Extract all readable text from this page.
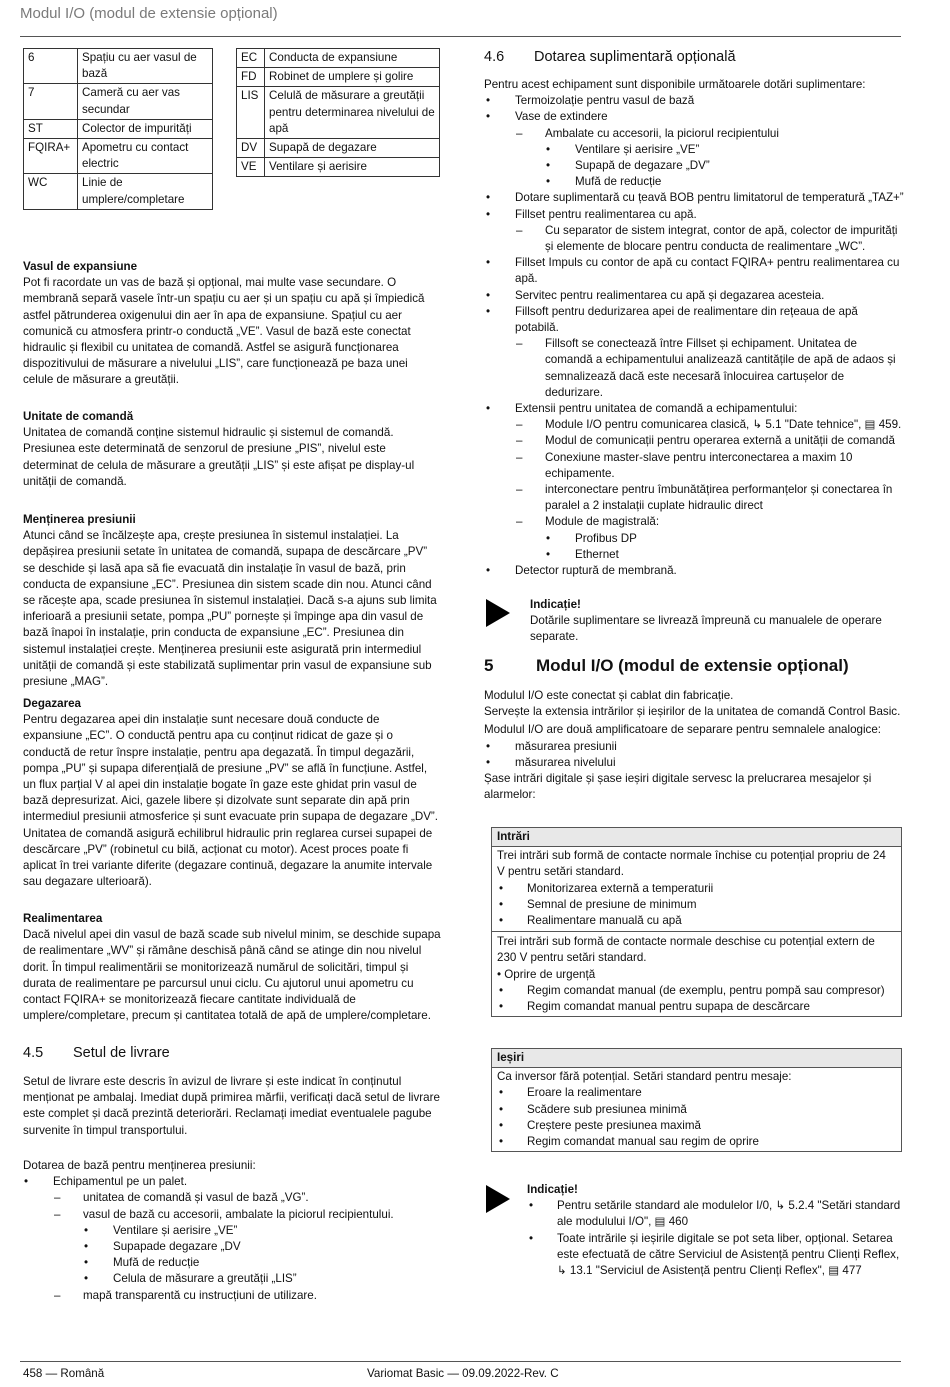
Modul I/O (modul de extensie opțional)
6	Spațiu cu aer vasul de bază
7	Cameră cu aer vas secundar
ST	Colector de impurități
FQIRA+	Apometru cu contact electric
WC	Linie de umplere/completare
EC	Conducta de expansiune
FD	Robinet de umplere și golire
LIS	Celulă de măsurare a greutății pentru determinarea nivelului de apă
DV	Supapă de degazare
VE	Ventilare și aerisire
Vasul de expansiune

Pot fi racordate un vas de bază și opțional, mai multe vase secundare. O membrană separă vasele într-un spațiu cu aer și un spațiu cu apă și împiedică astfel pătrunderea oxigenului din aer în apa de expansiune. Spațiul cu aer comunică cu atmosfera printr-o conductă „VE”. Vasul de bază este conectat hidraulic și flexibil cu unitatea de comandă. Astfel se asigură funcționarea dispozitivului de măsurare a nivelului „LIS”, care funcționează pe baza unei celule de măsurare a greutății.

Unitate de comandă

Unitatea de comandă conține sistemul hidraulic și sistemul de comandă. Presiunea este determinată de senzorul de presiune „PIS”, nivelul este determinat de celula de măsurare a greutății „LIS” și este afișat pe display-ul unității de comandă.

Menținerea presiunii

Atunci când se încălzește apa, crește presiunea în sistemul instalației. La depășirea presiunii setate în unitatea de comandă, supapa de descărcare „PV” se deschide și lasă apa să fie evacuată din instalație în vasul de bază, prin conducta de expansiune „EC”. Presiunea din sistem scade din nou. Atunci când se răcește apa, scade presiunea în sistemul instalației. Dacă s-a ajuns sub limita inferioară a presiunii setate, pompa „PU” pornește și împinge apa din vasul de bază înapoi în instalație, prin conducta de expansiune „EC”. Presiunea din sistemul instalației crește. Menținerea presiunii este asigurată prin intermediul unității de comandă și este stabilizată suplimentar prin vasul de expansiune sub presiune „MAG”.

Degazarea

Pentru degazarea apei din instalație sunt necesare două conducte de expansiune „EC”. O conductă pentru apa cu conținut ridicat de gaze și o conductă de retur înspre instalație, pentru apa degazată. În timpul degazării, pompa „PU” și supapa diferențială de presiune „PV” se află în funcțiune. Astfel, un flux parțial V al apei din instalație bogate în gaze este ghidat prin vasul de bază depresurizat. Aici, gazele libere și dizolvate sunt separate din apă prin intermediul presiunii atmosferice și sunt evacuate prin supapa de degazare „DV”. Unitatea de comandă asigură echilibrul hidraulic prin reglarea cursei supapei de descărcare „PV” (robinetul cu bilă, acționat cu motor). Acest proces poate fi aplicat în trei variante diferite (degazare continuă, degazare la anumite intervale sau degazare ulterioară).

Realimentarea

Dacă nivelul apei din vasul de bază scade sub nivelul minim, se deschide supapa de realimentare „WV” și rămâne deschisă până când se atinge din nou nivelul dorit. În timpul realimentării se monitorizează numărul de solicitări, timpul și durata de realimentare pe parcursul unui ciclu. Cu ajutorul unui apometru cu contact FQIRA+ se monitorizează fiecare cantitate individuală de umplere/completare, precum și cantitatea totală de apă de umplere/completare.

4.5 Setul de livrare

Setul de livrare este descris în avizul de livrare și este indicat în conținutul menționat pe ambalaj. Imediat după primirea mărfii, verificați dacă setul de livrare este complet și dacă prezintă deteriorări. Reclamați imediat eventualele pagube survenite în timpul transportului.

Dotarea de bază pentru menținerea presiunii:

• Echipamentul pe un palet.
– unitatea de comandă și vasul de bază „VG”.
– vasul de bază cu accesorii, ambalate la piciorul recipientului.
• Ventilare și aerisire „VE”
• Supapade degazare „DV
• Mufă de reducție
• Celula de măsurare a greutății „LIS”
– mapă transparentă cu instrucțiuni de utilizare.
4.6 Dotarea suplimentară opțională

Pentru acest echipament sunt disponibile următoarele dotări suplimentare:

• Termoizolație pentru vasul de bază
• Vase de extindere
– Ambalate cu accesorii, la piciorul recipientului
• Ventilare și aerisire „VE”
• Supapă de degazare „DV”
• Mufă de reducție
• Dotare suplimentară cu țeavă BOB pentru limitatorul de temperatură „TAZ+”
• Fillset pentru realimentarea cu apă.
– Cu separator de sistem integrat, contor de apă, colector de impurități și elemente de blocare pentru conducta de realimentare „WC”.
• Fillset Impuls cu contor de apă cu contact FQIRA+ pentru realimentarea cu apă.
• Servitec pentru realimentarea cu apă și degazarea acesteia.
• Fillsoft pentru dedurizarea apei de realimentare din rețeaua de apă potabilă.
– Fillsoft se conectează între Fillset și echipament. Unitatea de comandă a echipamentului analizează cantitățile de apă de adaos și semnalizează dacă este necesară înlocuirea cartușelor de dedurizare.
• Extensii pentru unitatea de comandă a echipamentului:
– Module I/O pentru comunicarea clasică, ↳ 5.1 "Date tehnice", ▤ 459.
– Modul de comunicații pentru operarea externă a unității de comandă
– Conexiune master-slave pentru interconectarea a maxim 10 echipamente.
– interconectare pentru îmbunătățirea performanțelor și conectarea în paralel a 2 instalații cuplate hidraulic direct
– Module de magistrală:
• Profibus DP
• Ethernet
• Detector ruptură de membrană.
Indicație!
Dotările suplimentare se livrează împreună cu manualele de operare separate.
5	Modul I/O (modul de extensie opțional)

Modulul I/O este conectat și cablat din fabricație.

Servește la extensia intrărilor și ieșirilor de la unitatea de comandă Control Basic.

Modulul I/O are două amplificatoare de separare pentru semnalele analogice:

• măsurarea presiunii
• măsurarea nivelului

Șase intrări digitale și șase ieșiri digitale servesc la prelucrarea mesajelor și alarmelor:

Intrări
Trei intrări sub formă de contacte normale închise cu potențial propriu de 24 V pentru setări standard.
• Monitorizarea externă a temperaturii
• Semnal de presiune de minimum
• Realimentare manuală cu apă
Trei intrări sub formă de contacte normale deschise cu potențial extern de 230 V pentru setări standard.
• Oprire de urgență
• Regim comandat manual (de exemplu, pentru pompă sau compresor)
• Regim comandat manual pentru supapa de descărcare
Ieșiri
Ca inversor fără potențial. Setări standard pentru mesaje:
• Eroare la realimentare
• Scădere sub presiunea minimă
• Creștere peste presiunea maximă
• Regim comandat manual sau regim de oprire
Indicație!
• Pentru setările standard ale modulelor I/0, ↳ 5.2.4 "Setări standard ale modulului I/O", ▤ 460
• Toate intrările și ieșirile digitale se pot seta liber, opțional. Setarea este efectuată de către Serviciul de Asistență pentru Clienți Reflex, ↳ 13.1 "Serviciul de Asistență pentru Clienți Reflex", ▤ 477
458 — Română	Variomat Basic — 09.09.2022-Rev. C
